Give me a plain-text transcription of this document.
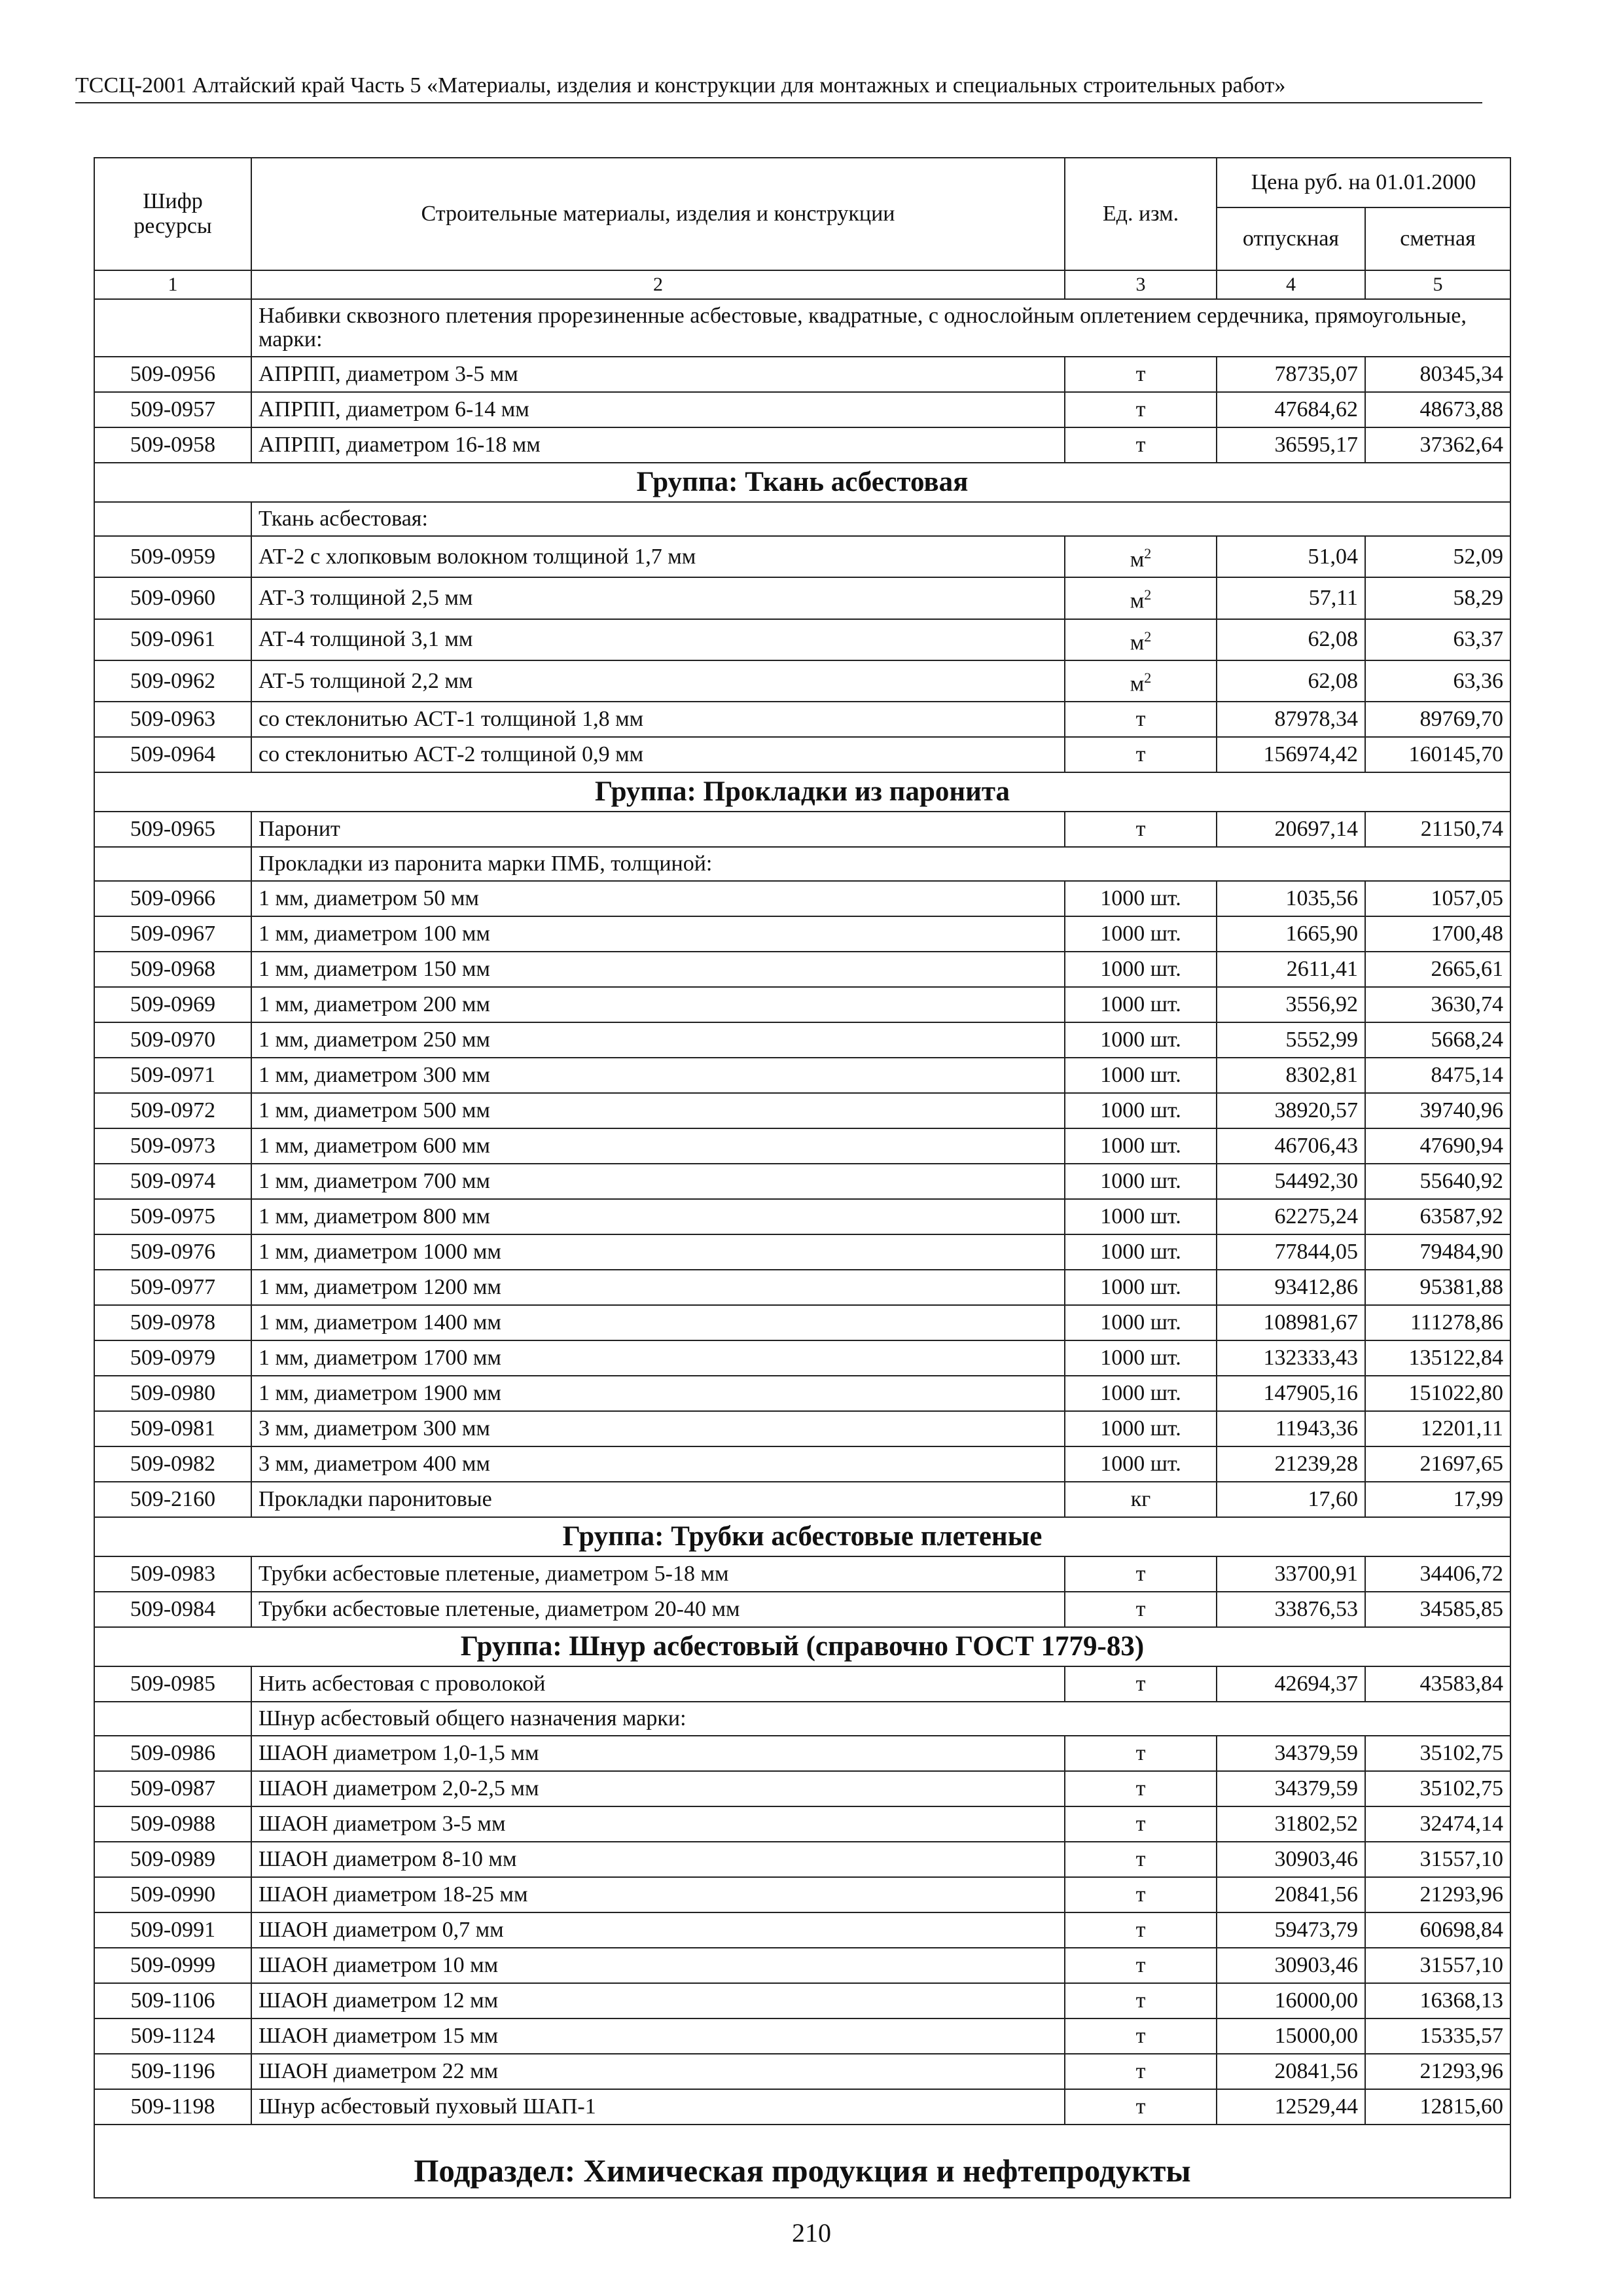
ТССЦ-2001 Алтайский край Часть 5 «Материалы, изделия и конструкции для монтажных и специальных строительных работ»
Шифр ресурсы	Строительные материалы, изделия и конструкции	Ед. изм.	Цена руб. на 01.01.2000	
			отпускная	сметная
1	2	3	4	5
	Набивки сквозного плетения прорезиненные асбестовые, квадратные, с однослойным оплетением сердечника, прямоугольные, марки:			
509-0956	АПРПП, диаметром 3-5 мм	т	78735,07	80345,34
509-0957	АПРПП, диаметром 6-14 мм	т	47684,62	48673,88
509-0958	АПРПП, диаметром 16-18 мм	т	36595,17	37362,64
Группа: Ткань асбестовая				
	Ткань асбестовая:			
509-0959	АТ-2 с хлопковым волокном толщиной 1,7 мм	$м^2$	51,04	52,09
509-0960	АТ-3 толщиной 2,5 мм	$м^2$	57,11	58,29
509-0961	АТ-4 толщиной 3,1 мм	$м^2$	62,08	63,37
509-0962	АТ-5 толщиной 2,2 мм	$м^2$	62,08	63,36
509-0963	со стеклонитью АСТ-1 толщиной 1,8 мм	т	87978,34	89769,70
509-0964	со стеклонитью АСТ-2 толщиной 0,9 мм	т	156974,42	160145,70
Группа: Прокладки из паронита				
509-0965	Паронит	т	20697,14	21150,74
	Прокладки из паронита марки ПМБ, толщиной:			
509-0966	1 мм, диаметром 50 мм	1000 шт.	1035,56	1057,05
509-0967	1 мм, диаметром 100 мм	1000 шт.	1665,90	1700,48
509-0968	1 мм, диаметром 150 мм	1000 шт.	2611,41	2665,61
509-0969	1 мм, диаметром 200 мм	1000 шт.	3556,92	3630,74
509-0970	1 мм, диаметром 250 мм	1000 шт.	5552,99	5668,24
509-0971	1 мм, диаметром 300 мм	1000 шт.	8302,81	8475,14
509-0972	1 мм, диаметром 500 мм	1000 шт.	38920,57	39740,96
509-0973	1 мм, диаметром 600 мм	1000 шт.	46706,43	47690,94
509-0974	1 мм, диаметром 700 мм	1000 шт.	54492,30	55640,92
509-0975	1 мм, диаметром 800 мм	1000 шт.	62275,24	63587,92
509-0976	1 мм, диаметром 1000 мм	1000 шт.	77844,05	79484,90
509-0977	1 мм, диаметром 1200 мм	1000 шт.	93412,86	95381,88
509-0978	1 мм, диаметром 1400 мм	1000 шт.	108981,67	111278,86
509-0979	1 мм, диаметром 1700 мм	1000 шт.	132333,43	135122,84
509-0980	1 мм, диаметром 1900 мм	1000 шт.	147905,16	151022,80
509-0981	3 мм, диаметром 300 мм	1000 шт.	11943,36	12201,11
509-0982	3 мм, диаметром 400 мм	1000 шт.	21239,28	21697,65
509-2160	Прокладки паронитовые	кг	17,60	17,99
Группа: Трубки асбестовые плетеные				
509-0983	Трубки асбестовые плетеные, диаметром 5-18 мм	т	33700,91	34406,72
509-0984	Трубки асбестовые плетеные, диаметром 20-40 мм	т	33876,53	34585,85
Группа: Шнур асбестовый (справочно ГОСТ 1779-83)				
509-0985	Нить асбестовая с проволокой	т	42694,37	43583,84
	Шнур асбестовый общего назначения марки:			
509-0986	ШАОН диаметром 1,0-1,5 мм	т	34379,59	35102,75
509-0987	ШАОН диаметром 2,0-2,5 мм	т	34379,59	35102,75
509-0988	ШАОН диаметром 3-5 мм	т	31802,52	32474,14
509-0989	ШАОН диаметром 8-10 мм	т	30903,46	31557,10
509-0990	ШАОН диаметром 18-25 мм	т	20841,56	21293,96
509-0991	ШАОН диаметром 0,7 мм	т	59473,79	60698,84
509-0999	ШАОН диаметром 10 мм	т	30903,46	31557,10
509-1106	ШАОН диаметром 12 мм	т	16000,00	16368,13
509-1124	ШАОН диаметром 15 мм	т	15000,00	15335,57
509-1196	ШАОН диаметром 22 мм	т	20841,56	21293,96
509-1198	Шнур асбестовый пуховый ШАП-1	т	12529,44	12815,60
Подраздел: Химическая продукция и нефтепродукты				
210
